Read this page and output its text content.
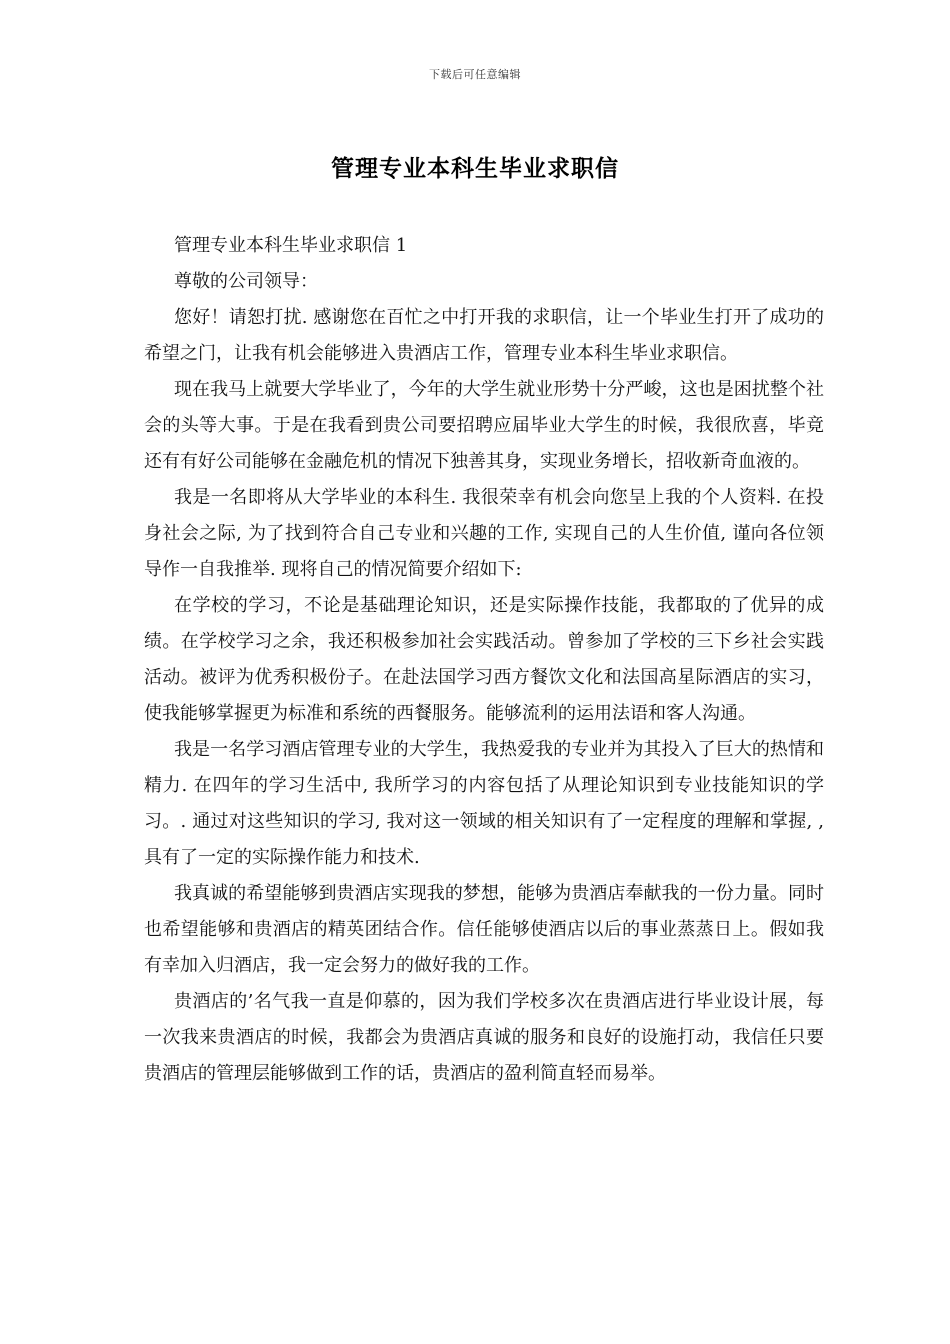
下载后可任意编辑
管理专业本科生毕业求职信

管理专业本科生毕业求职信 1

尊敬的公司领导：

您好！请恕打扰. 感谢您在百忙之中打开我的求职信，让一个毕业生打开了成功的希望之门，让我有机会能够进入贵酒店工作，管理专业本科生毕业求职信。

现在我马上就要大学毕业了，今年的大学生就业形势十分严峻，这也是困扰整个社会的头等大事。于是在我看到贵公司要招聘应届毕业大学生的时候，我很欣喜，毕竟还有有好公司能够在金融危机的情况下独善其身，实现业务增长，招收新奇血液的。

我是一名即将从大学毕业的本科生. 我很荣幸有机会向您呈上我的个人资料. 在投身社会之际, 为了找到符合自己专业和兴趣的工作, 实现自己的人生价值, 谨向各位领导作一自我推举. 现将自己的情况简要介绍如下:

在学校的学习，不论是基础理论知识，还是实际操作技能，我都取的了优异的成绩。在学校学习之余，我还积极参加社会实践活动。曾参加了学校的三下乡社会实践活动。被评为优秀积极份子。在赴法国学习西方餐饮文化和法国高星际酒店的实习，使我能够掌握更为标准和系统的西餐服务。能够流利的运用法语和客人沟通。

我是一名学习酒店管理专业的大学生，我热爱我的专业并为其投入了巨大的热情和精力. 在四年的学习生活中, 我所学习的内容包括了从理论知识到专业技能知识的学习。. 通过对这些知识的学习, 我对这一领域的相关知识有了一定程度的理解和掌握, , 具有了一定的实际操作能力和技术.

我真诚的希望能够到贵酒店实现我的梦想，能够为贵酒店奉献我的一份力量。同时也希望能够和贵酒店的精英团结合作。信任能够使酒店以后的事业蒸蒸日上。假如我有幸加入归酒店，我一定会努力的做好我的工作。

贵酒店的’名气我一直是仰慕的，因为我们学校多次在贵酒店进行毕业设计展，每一次我来贵酒店的时候，我都会为贵酒店真诚的服务和良好的设施打动，我信任只要贵酒店的管理层能够做到工作的话，贵酒店的盈利简直轻而易举。
